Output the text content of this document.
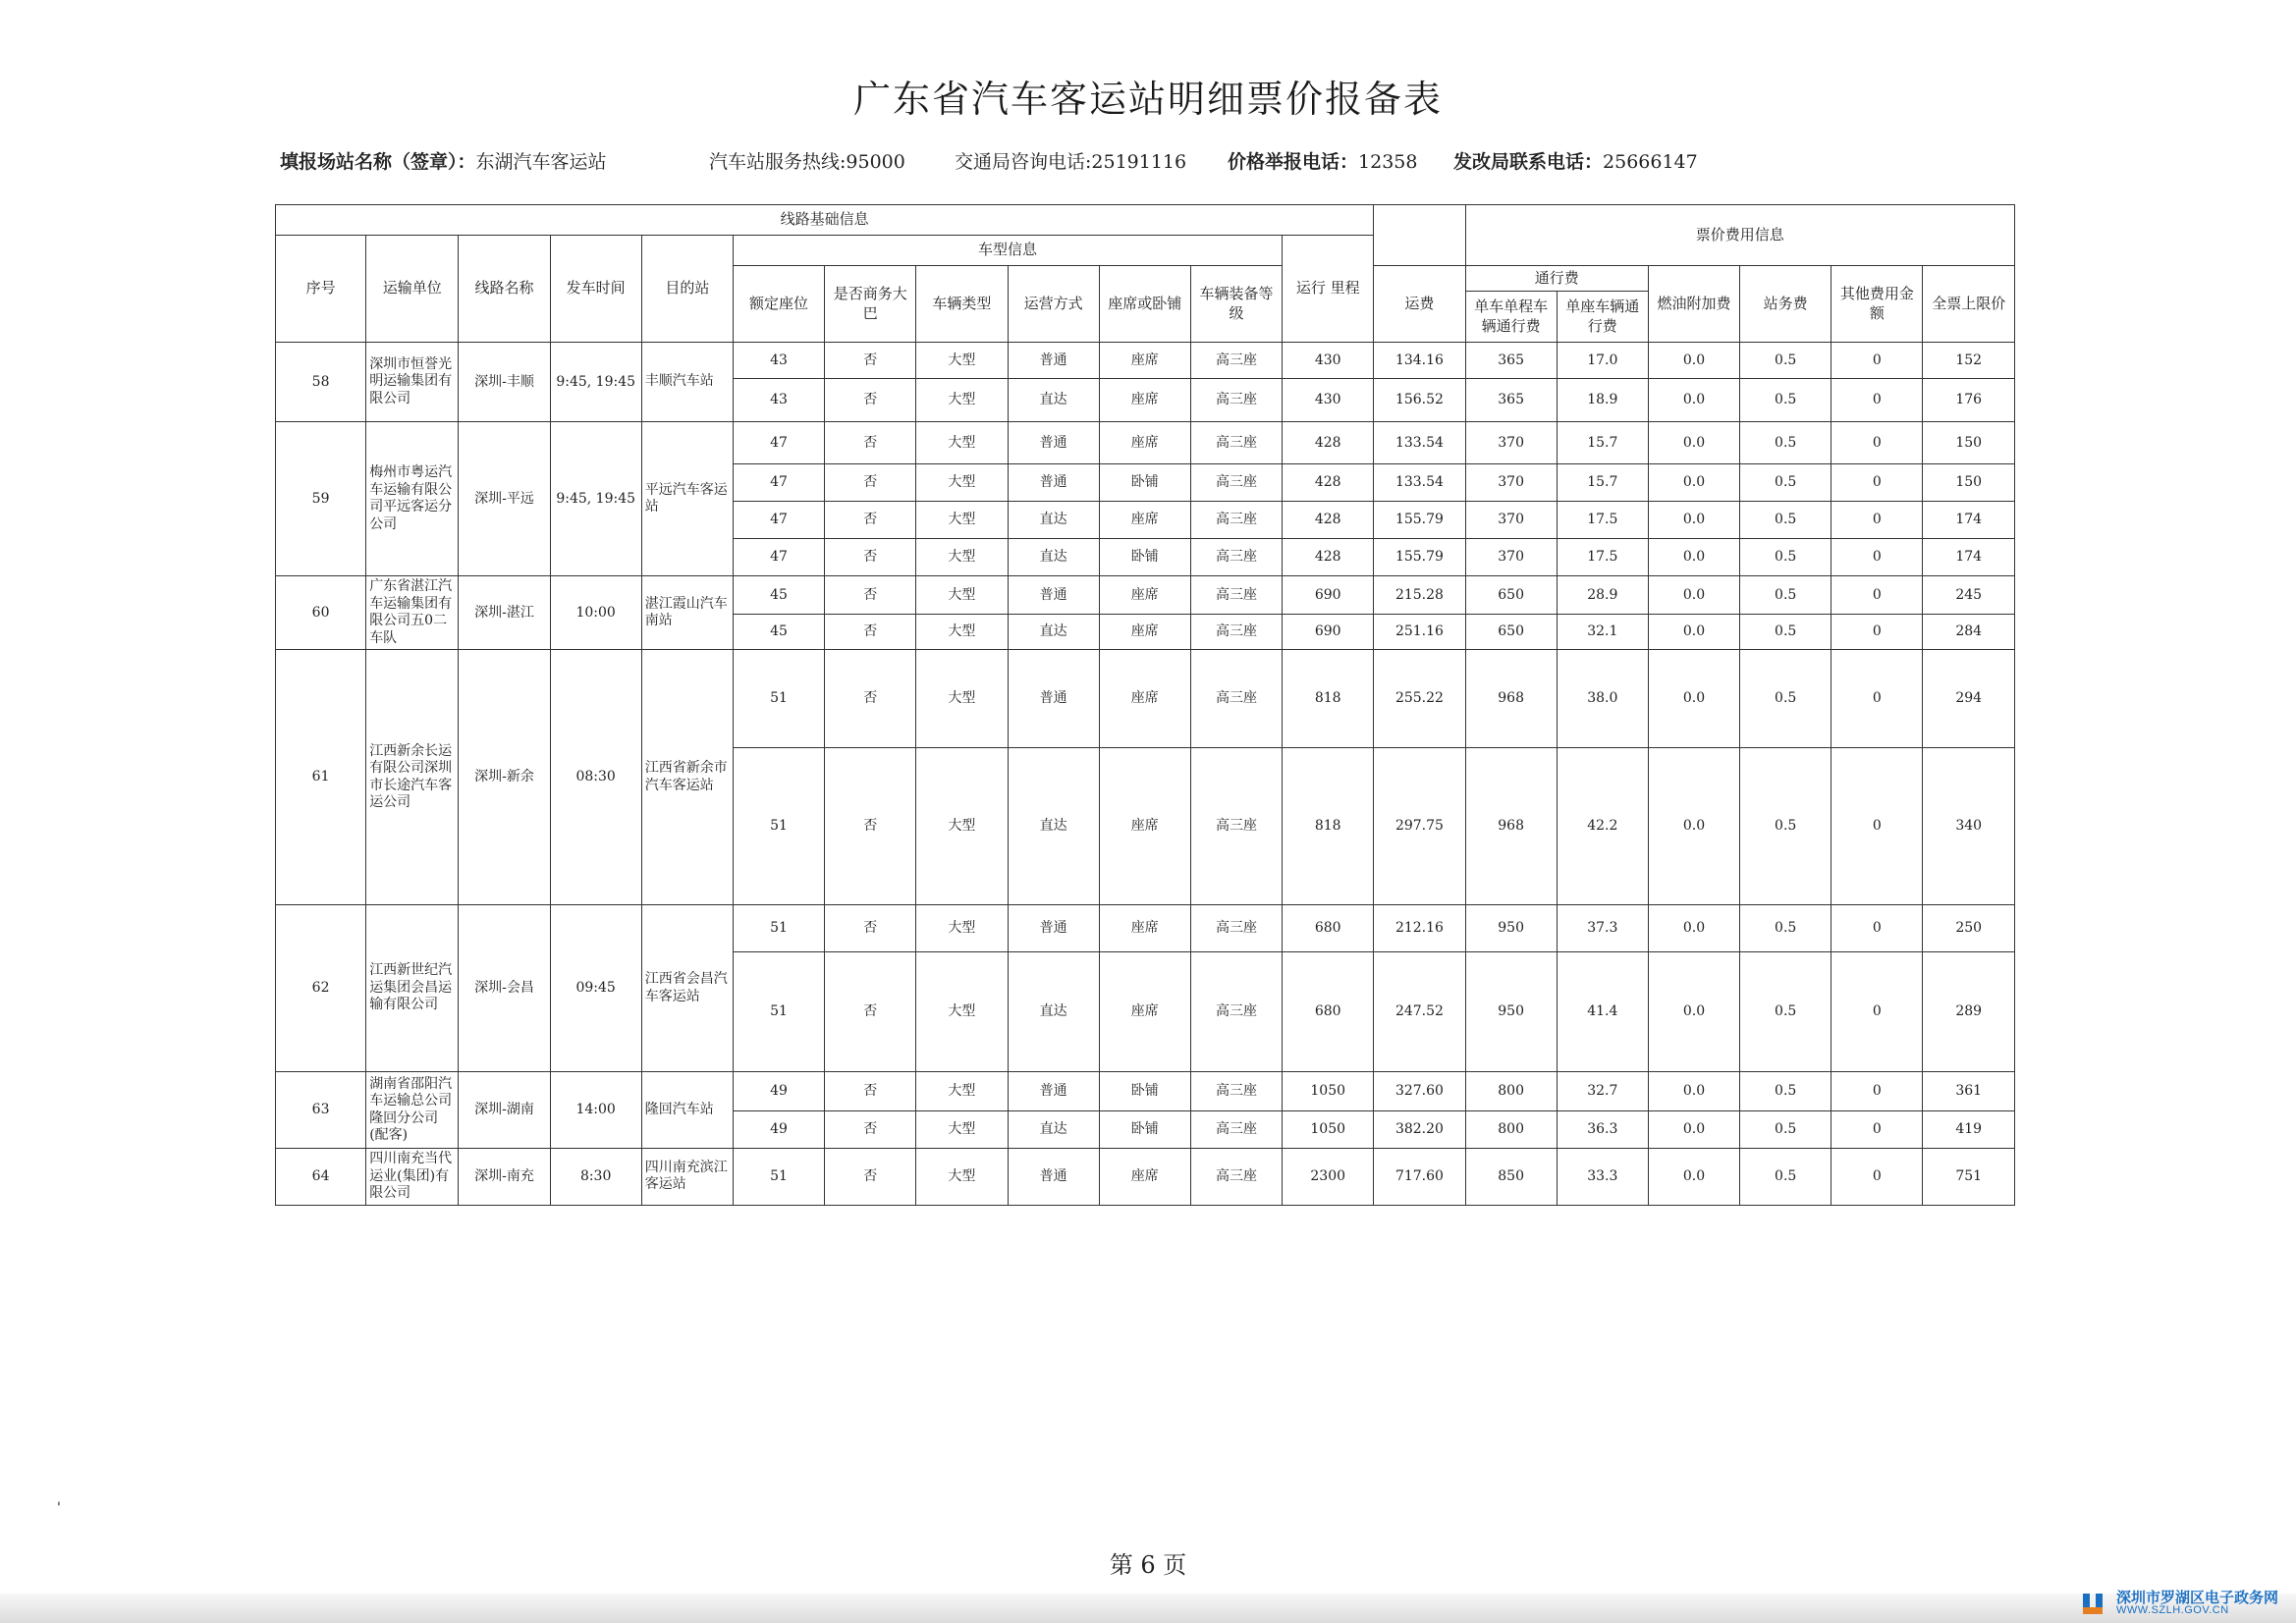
广东省汽车客运站明细票价报备表
填报场站名称（签章）：东湖汽车客运站	汽车站服务热线:95000	交通局咨询电话:25191116 价格举报电话：12358 发改局联系电话：25666147
线路基础信息													票价费用信息					
序号	运输单位	线路名称	发车时间	目的站	车型信息						运行 里程							
					额定座位	是否商务大巴	车辆类型	运营方式	座席或卧铺	车辆装备等级		运费	通行费		燃油附加费	站务费	其他费用金额	全票上限价
													单车单程车辆通行费	单座车辆通行费				
58	深圳市恒誉光明运输集团有限公司	深圳-丰顺	9:45, 19:45	丰顺汽车站	43	否	大型	普通	座席	高三座	430	134.16	365	17.0	0.0	0.5	0	152
					43	否	大型	直达	座席	高三座	430	156.52	365	18.9	0.0	0.5	0	176
59	梅州市粤运汽车运输有限公司平远客运分公司	深圳-平远	9:45, 19:45	平远汽车客运站	47	否	大型	普通	座席	高三座	428	133.54	370	15.7	0.0	0.5	0	150
					47	否	大型	普通	卧铺	高三座	428	133.54	370	15.7	0.0	0.5	0	150
					47	否	大型	直达	座席	高三座	428	155.79	370	17.5	0.0	0.5	0	174
					47	否	大型	直达	卧铺	高三座	428	155.79	370	17.5	0.0	0.5	0	174
60	广东省湛江汽车运输集团有限公司五0二车队	深圳-湛江	10:00	湛江霞山汽车南站	45	否	大型	普通	座席	高三座	690	215.28	650	28.9	0.0	0.5	0	245
					45	否	大型	直达	座席	高三座	690	251.16	650	32.1	0.0	0.5	0	284
61	江西新余长运有限公司深圳市长途汽车客运公司	深圳-新余	08:30	江西省新余市汽车客运站	51	否	大型	普通	座席	高三座	818	255.22	968	38.0	0.0	0.5	0	294
					51	否	大型	直达	座席	高三座	818	297.75	968	42.2	0.0	0.5	0	340
62	江西新世纪汽运集团会昌运输有限公司	深圳-会昌	09:45	江西省会昌汽车客运站	51	否	大型	普通	座席	高三座	680	212.16	950	37.3	0.0	0.5	0	250
					51	否	大型	直达	座席	高三座	680	247.52	950	41.4	0.0	0.5	0	289
63	湖南省邵阳汽车运输总公司隆回分公司(配客)	深圳-湖南	14:00	隆回汽车站	49	否	大型	普通	卧铺	高三座	1050	327.60	800	32.7	0.0	0.5	0	361
					49	否	大型	直达	卧铺	高三座	1050	382.20	800	36.3	0.0	0.5	0	419
64	四川南充当代运业(集团)有限公司	深圳-南充	8:30	四川南充滨江客运站	51	否	大型	普通	座席	高三座	2300	717.60	850	33.3	0.0	0.5	0	751
'
第 6 页
深圳市罗湖区电子政务网
WWW.SZLH.GOV.CN
